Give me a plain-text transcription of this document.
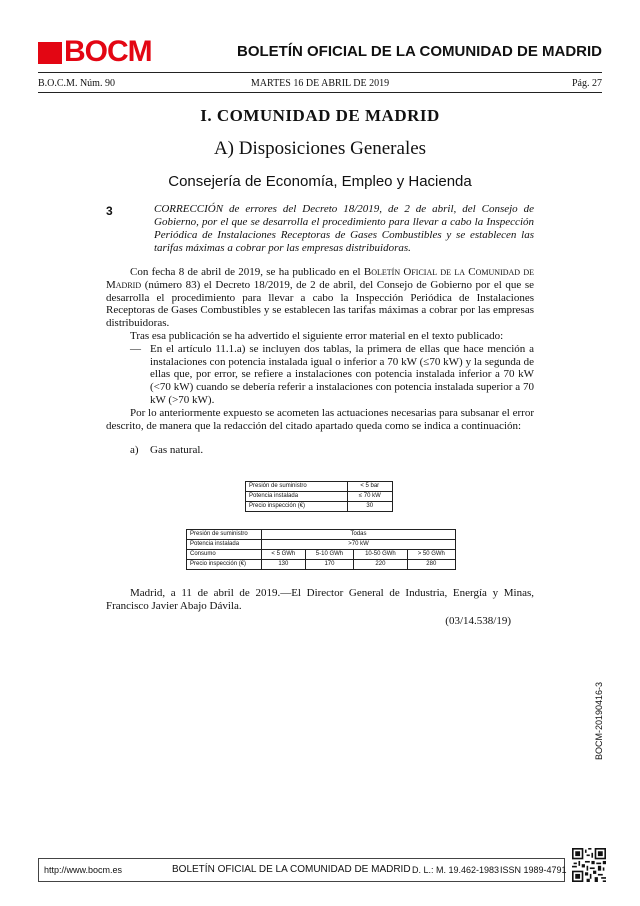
BOCM	BOLETÍN OFICIAL DE LA COMUNIDAD DE MADRID
B.O.C.M. Núm. 90	MARTES 16 DE ABRIL DE 2019	Pág. 27
I. COMUNIDAD DE MADRID
A) Disposiciones Generales
Consejería de Economía, Empleo y Hacienda
3	CORRECCIÓN de errores del Decreto 18/2019, de 2 de abril, del Consejo de Gobierno, por el que se desarrolla el procedimiento para llevar a cabo la Inspección Periódica de Instalaciones Receptoras de Gases Combustibles y se establecen las tarifas máximas a cobrar por las empresas distribuidoras.

Con fecha 8 de abril de 2019, se ha publicado en el Boletín Oficial de la Comunidad de Madrid (número 83) el Decreto 18/2019, de 2 de abril, del Consejo de Gobierno por el que se desarrolla el procedimiento para llevar a cabo la Inspección Periódica de Instalaciones Receptoras de Gases Combustibles y se establecen las tarifas máximas a cobrar por las empresas distribuidoras.

Tras esa publicación se ha advertido el siguiente error material en el texto publicado:

— En el artículo 11.1.a) se incluyen dos tablas, la primera de ellas que hace mención a instalaciones con potencia instalada igual o inferior a 70 kW (≤70 kW) y la segunda de ellas que, por error, se refiere a instalaciones con potencia instalada inferior a 70 kW (<70 kW) cuando se debería referir a instalaciones con potencia instalada superior a 70 kW (>70 kW).

Por lo anteriormente expuesto se acometen las actuaciones necesarias para subsanar el error descrito, de manera que la redacción del citado apartado queda como se indica a continuación:

a)	Gas natural.
Presión de suministro	< 5 bar
Potencia instalada	≤ 70 kW
Precio inspección (€)	30
Presión de suministro	Todas			
Potencia instalada	>70 kW			
Consumo	< 5 GWh	5-10 GWh	10-50 GWh	> 50 GWh
Precio inspección (€)	130	170	220	280

Madrid, a 11 de abril de 2019.—El Director General de Industria, Energía y Minas, Francisco Javier Abajo Dávila.

(03/14.538/19)
BOCM-20190416-3
http://www.bocm.es	BOLETÍN OFICIAL DE LA COMUNIDAD DE MADRID D. L.: M. 19.462-1983 ISSN 1989-4791
